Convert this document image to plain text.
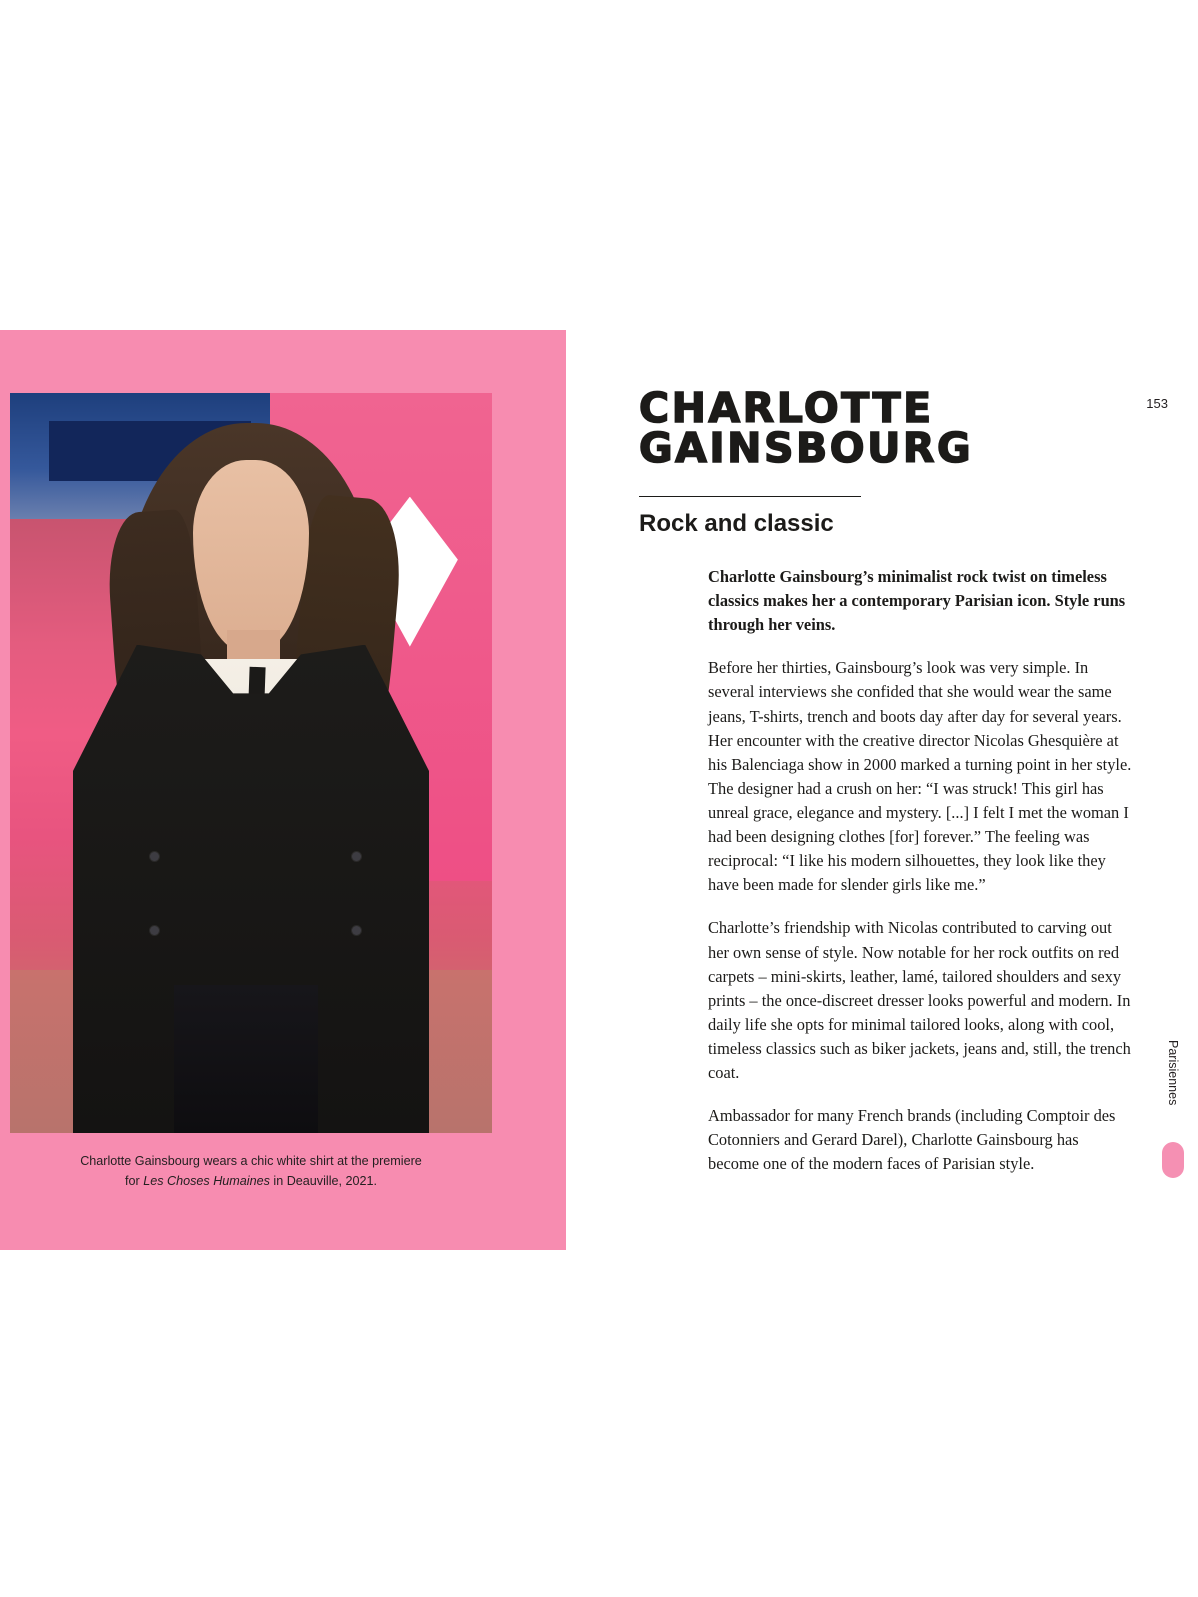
Charlotte Gainsbourg wears a chic white shirt at the premiere
for Les Choses Humaines in Deauville, 2021.
153
CHARLOTTE
GAINSBOURG
Rock and classic

Charlotte Gainsbourg’s minimalist rock twist on timeless classics makes her a contemporary Parisian icon. Style runs through her veins.

Before her thirties, Gainsbourg’s look was very simple. In several interviews she confided that she would wear the same jeans, T-shirts, trench and boots day after day for several years. Her encounter with the creative director Nicolas Ghesquière at his Balenciaga show in 2000 marked a turning point in her style. The designer had a crush on her: “I was struck! This girl has unreal grace, elegance and mystery. [...] I felt I met the woman I had been designing clothes [for] forever.” The feeling was reciprocal: “I like his modern silhouettes, they look like they have been made for slender girls like me.”

Charlotte’s friendship with Nicolas contributed to carving out her own sense of style. Now notable for her rock outfits on red carpets – mini-skirts, leather, lamé, tailored shoulders and sexy prints – the once-discreet dresser looks powerful and modern. In daily life she opts for minimal tailored looks, along with cool, timeless classics such as biker jackets, jeans and, still, the trench coat.

Ambassador for many French brands (including Comptoir des Cotonniers and Gerard Darel), Charlotte Gainsbourg has become one of the modern faces of Parisian style.

Parisiennes
